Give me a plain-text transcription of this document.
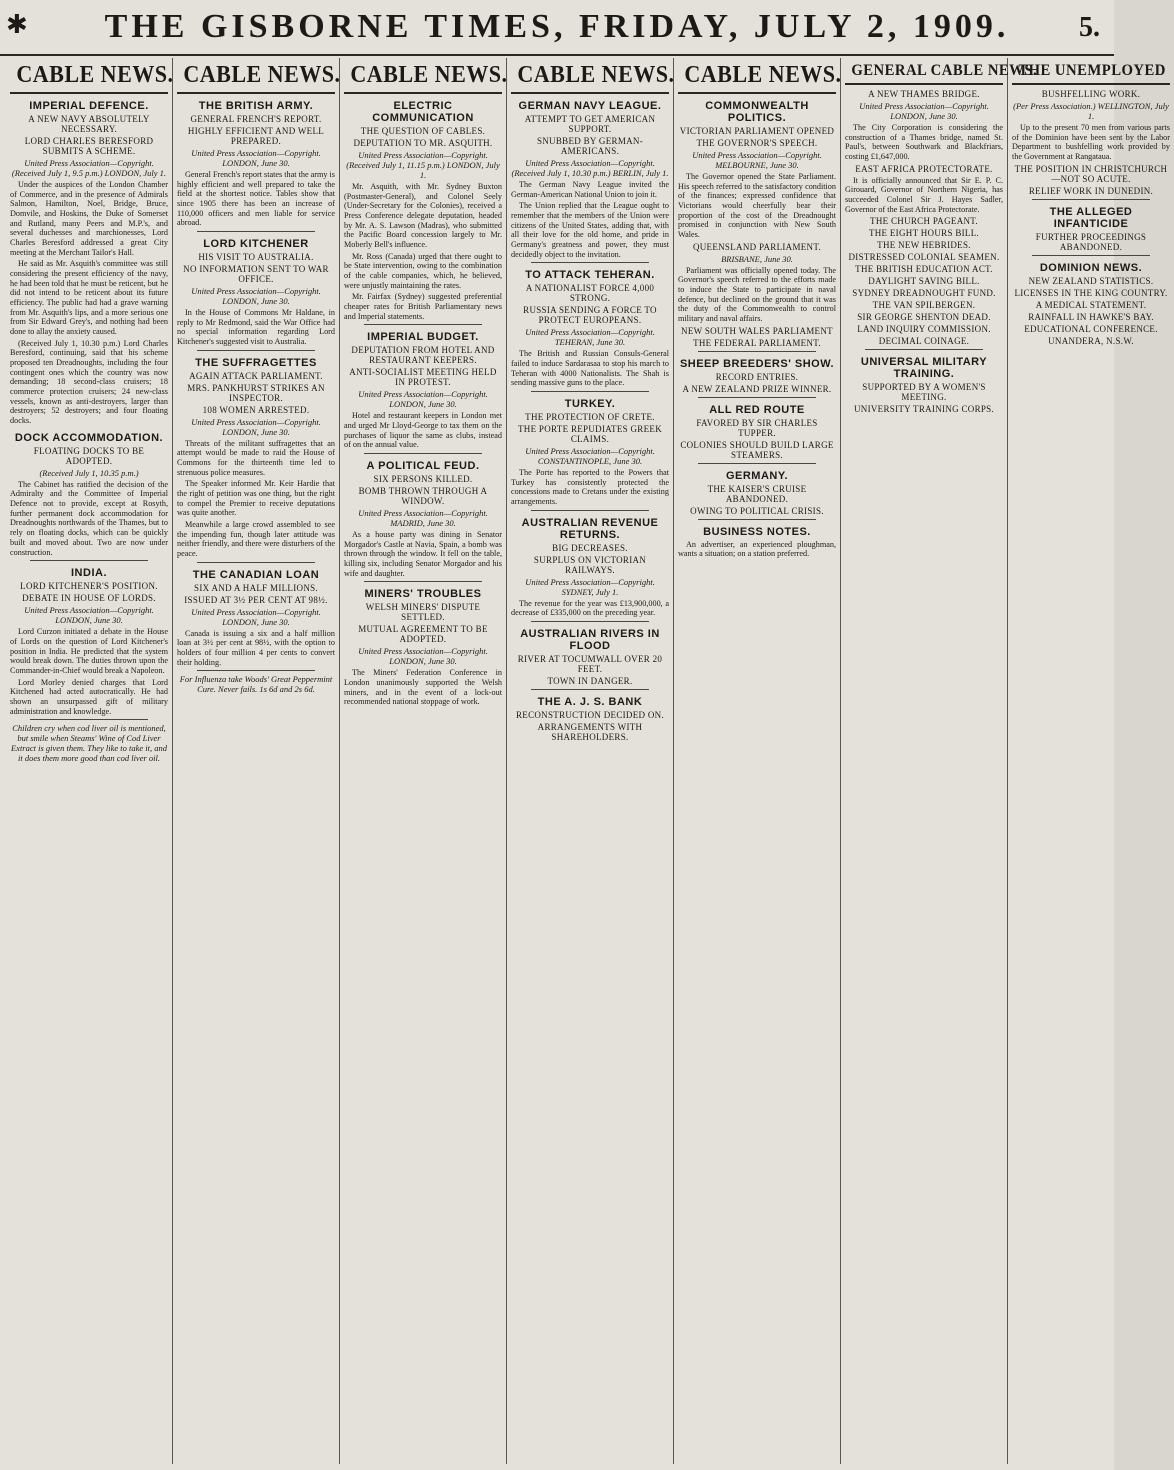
✱	THE GISBORNE TIMES, FRIDAY, JULY 2, 1909.	5.
CABLE NEWS.
IMPERIAL DEFENCE.
A NEW NAVY ABSOLUTELY NECESSARY.
LORD CHARLES BERESFORD SUBMITS A SCHEME.
United Press Association—Copyright. (Received July 1, 9.5 p.m.) LONDON, July 1.

Under the auspices of the London Chamber of Commerce, and in the presence of Admirals Salmon, Hamilton, Noel, Bridge, Bruce, Domvile, and Hoskins, the Duke of Somerset and Rutland, many Peers and M.P.'s, and several duchesses and marchionesses, Lord Charles Beresford addressed a great City meeting at the Merchant Tailor's Hall.

He said as Mr. Asquith's committee was still considering the present efficiency of the navy, he had been told that he must be reticent, but he did not intend to be reticent about its future efficiency. The public had had a grave warning from Mr. Asquith's lips, and a more serious one from Sir Edward Grey's, and nothing had been done to allay the anxiety caused.

(Received July 1, 10.30 p.m.) Lord Charles Beresford, continuing, said that his scheme proposed ten Dreadnoughts, including the four contingent ones which the country was now demanding; 18 second-class cruisers; 18 commerce protection cruisers; 24 new-class vessels, known as anti-destroyers, larger than destroyers; 52 destroyers; and four floating docks.

DOCK ACCOMMODATION.
FLOATING DOCKS TO BE ADOPTED.
(Received July 1, 10.35 p.m.)

The Cabinet has ratified the decision of the Admiralty and the Committee of Imperial Defence not to provide, except at Rosyth, further permanent dock accommodation for Dreadnoughts northwards of the Thames, but to rely on floating docks, which can be quickly built and moved about. Two are now under construction.

INDIA.
LORD KITCHENER'S POSITION.
DEBATE IN HOUSE OF LORDS.
United Press Association—Copyright. LONDON, June 30.

Lord Curzon initiated a debate in the House of Lords on the question of Lord Kitchener's position in India. He predicted that the system would break down. The duties thrown upon the Commander-in-Chief would break a Napoleon.

Lord Morley denied charges that Lord Kitchened had acted autocratically. He had shown an unsurpassed gift of military administration and knowledge.

Children cry when cod liver oil is mentioned, but smile when Steams' Wine of Cod Liver Extract is given them. They like to take it, and it does them more good than cod liver oil.

CABLE NEWS.
THE BRITISH ARMY.
GENERAL FRENCH'S REPORT.
HIGHLY EFFICIENT AND WELL PREPARED.
United Press Association—Copyright. LONDON, June 30.

General French's report states that the army is highly efficient and well prepared to take the field at the shortest notice. Tables show that since 1905 there has been an increase of 110,000 officers and men liable for service abroad.

LORD KITCHENER
HIS VISIT TO AUSTRALIA.
NO INFORMATION SENT TO WAR OFFICE.
United Press Association—Copyright. LONDON, June 30.

In the House of Commons Mr Haldane, in reply to Mr Redmond, said the War Office had no special information regarding Lord Kitchener's suggested visit to Australia.

THE SUFFRAGETTES
AGAIN ATTACK PARLIAMENT.
MRS. PANKHURST STRIKES AN INSPECTOR.
108 WOMEN ARRESTED.
United Press Association—Copyright. LONDON, June 30.

Threats of the militant suffragettes that an attempt would be made to raid the House of Commons for the thirteenth time led to strenuous police measures.

The Speaker informed Mr. Keir Hardie that the right of petition was one thing, but the right to compel the Premier to receive deputations was quite another.

Meanwhile a large crowd assembled to see the impending fun, though later attitude was neither friendly, and there were disturbers of the peace.

THE CANADIAN LOAN
SIX AND A HALF MILLIONS.
ISSUED AT 3½ PER CENT AT 98½.
United Press Association—Copyright. LONDON, June 30.

Canada is issuing a six and a half million loan at 3½ per cent at 98½, with the option to holders of four million 4 per cents to convert their holding.

For Influenza take Woods' Great Peppermint Cure. Never fails. 1s 6d and 2s 6d.

CABLE NEWS.
ELECTRIC COMMUNICATION
THE QUESTION OF CABLES.
DEPUTATION TO MR. ASQUITH.
United Press Association—Copyright. (Received July 1, 11.15 p.m.) LONDON, July 1.

Mr. Asquith, with Mr. Sydney Buxton (Postmaster-General), and Colonel Seely (Under-Secretary for the Colonies), received a Press Conference delegate deputation, headed by Mr. A. S. Lawson (Madras), who submitted the Pacific Board concession largely to Mr. Moberly Bell's influence.

Mr. Ross (Canada) urged that there ought to be State intervention, owing to the combination of the cable companies, which, he believed, were unjustly maintaining the rates.

Mr. Fairfax (Sydney) suggested preferential cheaper rates for British Parliamentary news and Imperial statements.

IMPERIAL BUDGET.
DEPUTATION FROM HOTEL AND RESTAURANT KEEPERS.
ANTI-SOCIALIST MEETING HELD IN PROTEST.
United Press Association—Copyright. LONDON, June 30.

Hotel and restaurant keepers in London met and urged Mr Lloyd-George to tax them on the purchases of liquor the same as clubs, instead of on the annual value.

A POLITICAL FEUD.
SIX PERSONS KILLED.
BOMB THROWN THROUGH A WINDOW.
United Press Association—Copyright. MADRID, June 30.

As a house party was dining in Senator Morgador's Castle at Navia, Spain, a bomb was thrown through the window. It fell on the table, killing six, including Senator Morgador and his wife and daughter.

MINERS' TROUBLES
WELSH MINERS' DISPUTE SETTLED.
MUTUAL AGREEMENT TO BE ADOPTED.
United Press Association—Copyright. LONDON, June 30.

The Miners' Federation Conference in London unanimously supported the Welsh miners, and in the event of a lock-out recommended national stoppage of work.

CABLE NEWS.
GERMAN NAVY LEAGUE.
ATTEMPT TO GET AMERICAN SUPPORT.
SNUBBED BY GERMAN-AMERICANS.
United Press Association—Copyright. (Received July 1, 10.30 p.m.) BERLIN, July 1.

The German Navy League invited the German-American National Union to join it.

The Union replied that the League ought to remember that the members of the Union were citizens of the United States, adding that, with all their love for the old home, and pride in Germany's greatness and power, they must decidedly object to the invitation.

TO ATTACK TEHERAN.
A NATIONALIST FORCE 4,000 STRONG.
RUSSIA SENDING A FORCE TO PROTECT EUROPEANS.
United Press Association—Copyright. TEHERAN, June 30.

The British and Russian Consuls-General failed to induce Sardarasaa to stop his march to Teheran with 4000 Nationalists. The Shah is sending massive guns to the place.

TURKEY.
THE PROTECTION OF CRETE.
THE PORTE REPUDIATES GREEK CLAIMS.
United Press Association—Copyright. CONSTANTINOPLE, June 30.

The Porte has reported to the Powers that Turkey has consistently protected the concessions made to Cretans under the existing arrangements.

AUSTRALIAN REVENUE RETURNS.
BIG DECREASES.
SURPLUS ON VICTORIAN RAILWAYS.
United Press Association—Copyright. SYDNEY, July 1.

The revenue for the year was £13,900,000, a decrease of £335,000 on the preceding year.

AUSTRALIAN RIVERS IN FLOOD
RIVER AT TOCUMWALL OVER 20 FEET.
TOWN IN DANGER.
THE A. J. S. BANK
RECONSTRUCTION DECIDED ON.
ARRANGEMENTS WITH SHAREHOLDERS.
CABLE NEWS.
COMMONWEALTH POLITICS.
VICTORIAN PARLIAMENT OPENED
THE GOVERNOR'S SPEECH.
United Press Association—Copyright. MELBOURNE, June 30.

The Governor opened the State Parliament. His speech referred to the satisfactory condition of the finances; expressed confidence that Victorians would cheerfully bear their proportion of the cost of the Dreadnought promised in conjunction with New South Wales.

QUEENSLAND PARLIAMENT.
BRISBANE, June 30.

Parliament was officially opened today. The Governor's speech referred to the efforts made to induce the State to participate in naval defence, but declined on the ground that it was the duty of the Commonwealth to control military and naval affairs.

NEW SOUTH WALES PARLIAMENT
THE FEDERAL PARLIAMENT.
SHEEP BREEDERS' SHOW.
RECORD ENTRIES.
A NEW ZEALAND PRIZE WINNER.
ALL RED ROUTE
FAVORED BY SIR CHARLES TUPPER.
COLONIES SHOULD BUILD LARGE STEAMERS.
GERMANY.
THE KAISER'S CRUISE ABANDONED.
OWING TO POLITICAL CRISIS.
BUSINESS NOTES.

An advertiser, an experienced ploughman, wants a situation; on a station preferred.

GENERAL CABLE NEWS.
A NEW THAMES BRIDGE.
United Press Association—Copyright. LONDON, June 30.

The City Corporation is considering the construction of a Thames bridge, named St. Paul's, between Southwark and Blackfriars, costing £1,647,000.

EAST AFRICA PROTECTORATE.

It is officially announced that Sir E. P. C. Girouard, Governor of Northern Nigeria, has succeeded Colonel Sir J. Hayes Sadler, Governor of the East Africa Protectorate.

THE CHURCH PAGEANT.
THE EIGHT HOURS BILL.
THE NEW HEBRIDES.
DISTRESSED COLONIAL SEAMEN.
THE BRITISH EDUCATION ACT.
DAYLIGHT SAVING BILL.
SYDNEY DREADNOUGHT FUND.
THE VAN SPILBERGEN.
SIR GEORGE SHENTON DEAD.
LAND INQUIRY COMMISSION.
DECIMAL COINAGE.
UNIVERSAL MILITARY TRAINING.
SUPPORTED BY A WOMEN'S MEETING.
UNIVERSITY TRAINING CORPS.
THE UNEMPLOYED
BUSHFELLING WORK.
(Per Press Association.) WELLINGTON, July 1.

Up to the present 70 men from various parts of the Dominion have been sent by the Labor Department to bushfelling work provided by the Government at Rangataua.

THE POSITION IN CHRISTCHURCH—NOT SO ACUTE.
RELIEF WORK IN DUNEDIN.
THE ALLEGED INFANTICIDE
FURTHER PROCEEDINGS ABANDONED.
DOMINION NEWS.
NEW ZEALAND STATISTICS.
LICENSES IN THE KING COUNTRY.
A MEDICAL STATEMENT.
RAINFALL IN HAWKE'S BAY.
EDUCATIONAL CONFERENCE.
UNANDERA, N.S.W.
